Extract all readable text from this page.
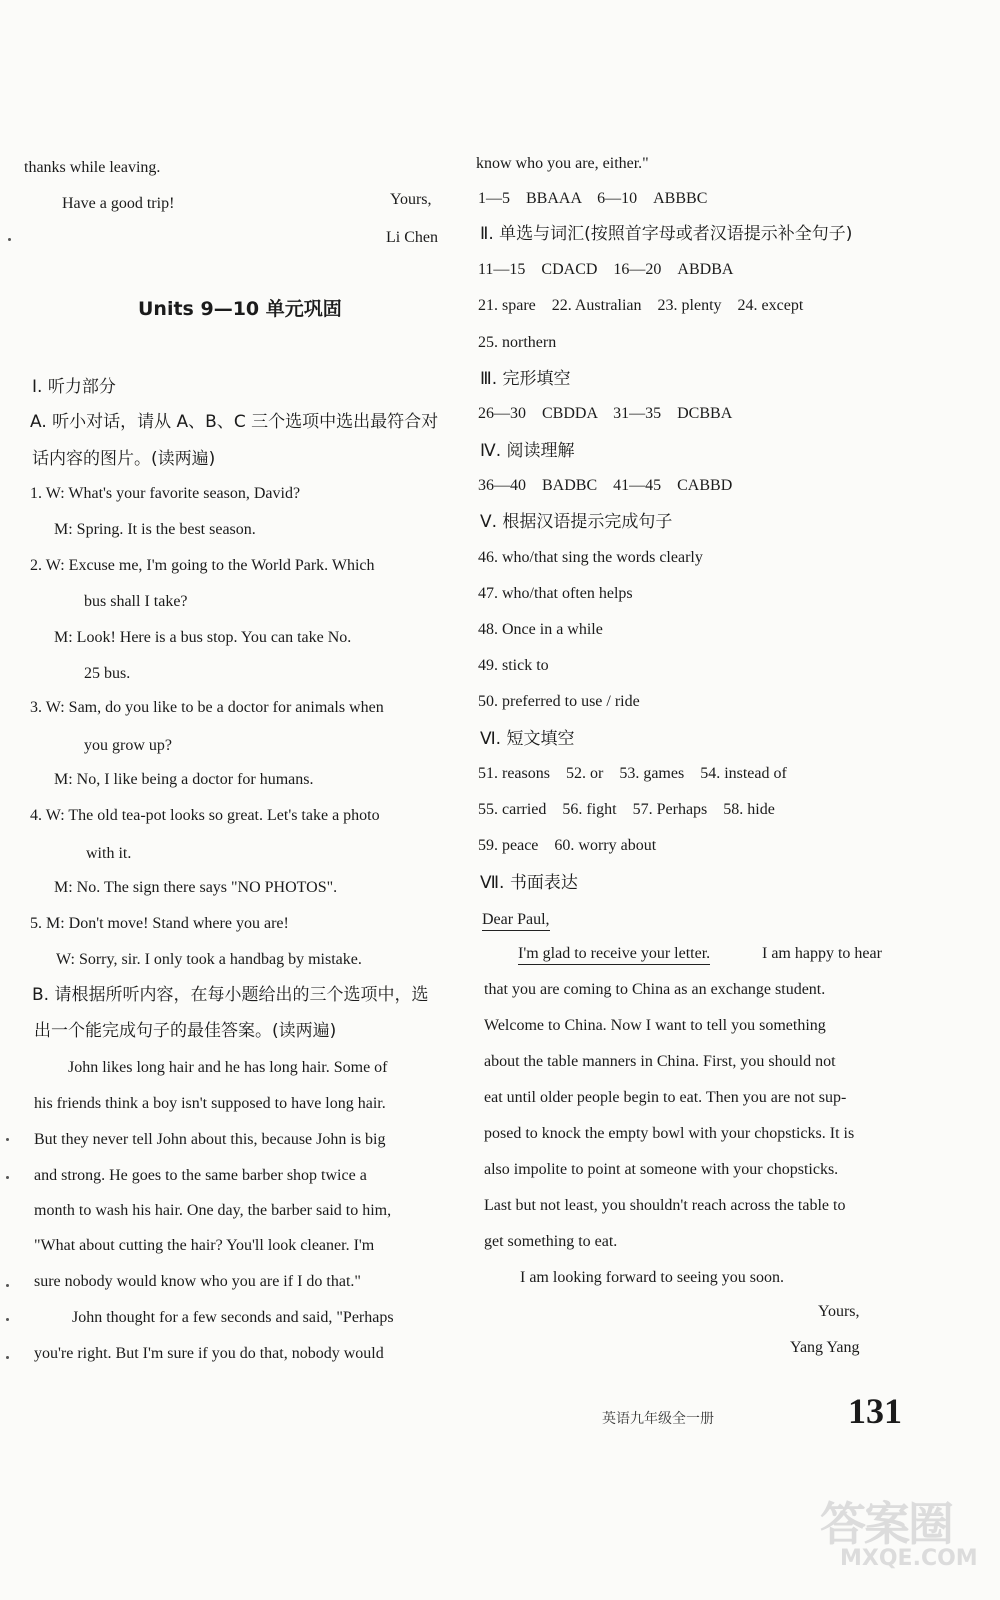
thanks while leaving.
Have a good trip!	Yours,
Li Chen
Units 9—10 单元巩固
Ⅰ. 听力部分
A. 听小对话，请从 A、B、C 三个选项中选出最符合对
话内容的图片。(读两遍)
1. W: What's your favorite season, David?
M: Spring. It is the best season.
2. W: Excuse me, I'm going to the World Park. Which
bus shall I take?
M: Look! Here is a bus stop. You can take No.
25 bus.
3. W: Sam, do you like to be a doctor for animals when
you grow up?
M: No, I like being a doctor for humans.
4. W: The old tea-pot looks so great. Let's take a photo
with it.
M: No. The sign there says "NO PHOTOS".
5. M: Don't move! Stand where you are!
W: Sorry, sir. I only took a handbag by mistake.
B. 请根据所听内容，在每小题给出的三个选项中，选
出一个能完成句子的最佳答案。(读两遍)
John likes long hair and he has long hair. Some of
his friends think a boy isn't supposed to have long hair.
But they never tell John about this, because John is big
and strong. He goes to the same barber shop twice a
month to wash his hair. One day, the barber said to him,
"What about cutting the hair? You'll look cleaner. I'm
sure nobody would know who you are if I do that."
John thought for a few seconds and said, "Perhaps
you're right. But I'm sure if you do that, nobody would
know who you are, either."
1—5　BBAAA　6—10　ABBBC
Ⅱ. 单选与词汇(按照首字母或者汉语提示补全句子)
11—15　CDACD　16—20　ABDBA
21. spare　22. Australian　23. plenty　24. except
25. northern
Ⅲ. 完形填空
26—30　CBDDA　31—35　DCBBA
Ⅳ. 阅读理解
36—40　BADBC　41—45　CABBD
Ⅴ. 根据汉语提示完成句子
46. who/that sing the words clearly
47. who/that often helps
48. Once in a while
49. stick to
50. preferred to use / ride
Ⅵ. 短文填空
51. reasons　52. or　53. games　54. instead of
55. carried　56. fight　57. Perhaps　58. hide
59. peace　60. worry about
Ⅶ. 书面表达
Dear Paul,
I'm glad to receive your letter.	I am happy to hear
that you are coming to China as an exchange student.
Welcome to China. Now I want to tell you something
about the table manners in China. First, you should not
eat until older people begin to eat. Then you are not sup-
posed to knock the empty bowl with your chopsticks. It is
also impolite to point at someone with your chopsticks.
Last but not least, you shouldn't reach across the table to
get something to eat.
I am looking forward to seeing you soon.
Yours,
Yang Yang
英语九年级全一册	131
答案圈
MXQE.COM
